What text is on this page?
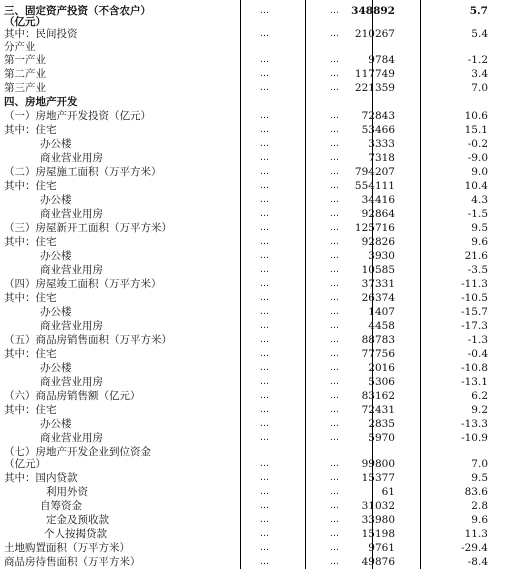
三、固定资产投资（不含农户）	…	…	348892	5.7
（亿元）
其中：民间投资	…	…	210267	5.4
分产业
第一产业	…	…	9784	-1.2
第二产业	…	…	117749	3.4
第三产业	…	…	221359	7.0
四、房地产开发
（一）房地产开发投资（亿元）	…	…	72843	10.6
其中：住宅	…	…	53466	15.1
办公楼	…	…	3333	-0.2
商业营业用房	…	…	7318	-9.0
（二）房屋施工面积（万平方米）	…	…	794207	9.0
其中：住宅	…	…	554111	10.4
办公楼	…	…	34416	4.3
商业营业用房	…	…	92864	-1.5
（三）房屋新开工面积（万平方米）	…	…	125716	9.5
其中：住宅	…	…	92826	9.6
办公楼	…	…	3930	21.6
商业营业用房	…	…	10585	-3.5
（四）房屋竣工面积（万平方米）	…	…	37331	-11.3
其中：住宅	…	…	26374	-10.5
办公楼	…	…	1407	-15.7
商业营业用房	…	…	4458	-17.3
（五）商品房销售面积（万平方米）	…	…	88783	-1.3
其中：住宅	…	…	77756	-0.4
办公楼	…	…	2016	-10.8
商业营业用房	…	…	5306	-13.1
（六）商品房销售额（亿元）	…	…	83162	6.2
其中：住宅	…	…	72431	9.2
办公楼	…	…	2835	-13.3
商业营业用房	…	…	5970	-10.9
（七）房地产开发企业到位资金
（亿元）	…	…	99800	7.0
其中：国内贷款	…	…	15377	9.5
利用外资	…	…	61	83.6
自筹资金	…	…	31032	2.8
定金及预收款	…	…	33980	9.6
个人按揭贷款	…	…	15198	11.3
土地购置面积（万平方米）	…	…	9761	-29.4
商品房待售面积（万平方米）	…	…	49876	-8.4
